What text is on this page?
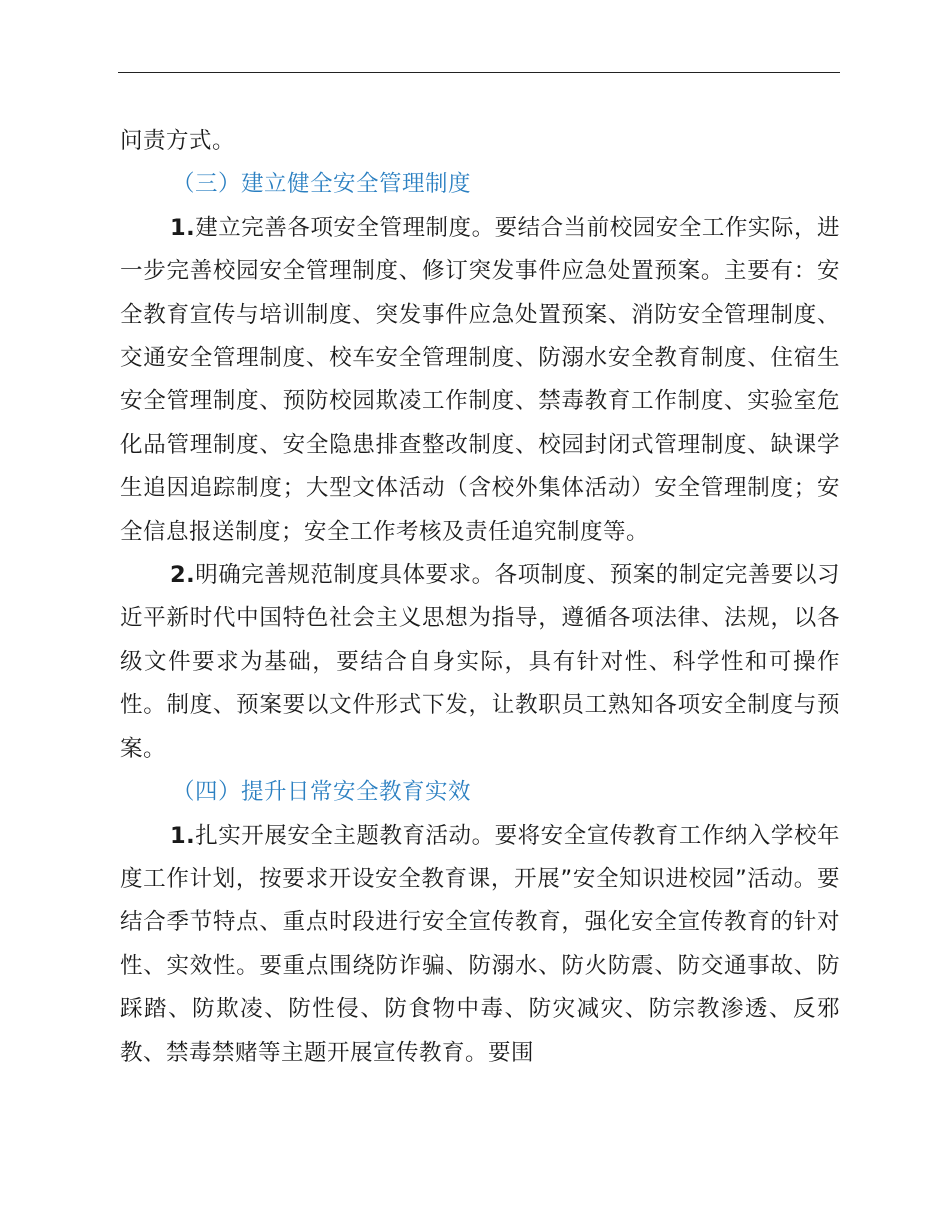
问责方式。

（三）建立健全安全管理制度

1.建立完善各项安全管理制度。要结合当前校园安全工作实际，进一步完善校园安全管理制度、修订突发事件应急处置预案。主要有：安全教育宣传与培训制度、突发事件应急处置预案、消防安全管理制度、交通安全管理制度、校车安全管理制度、防溺水安全教育制度、住宿生安全管理制度、预防校园欺凌工作制度、禁毒教育工作制度、实验室危化品管理制度、安全隐患排查整改制度、校园封闭式管理制度、缺课学生追因追踪制度；大型文体活动（含校外集体活动）安全管理制度；安全信息报送制度；安全工作考核及责任追究制度等。

2.明确完善规范制度具体要求。各项制度、预案的制定完善要以习近平新时代中国特色社会主义思想为指导，遵循各项法律、法规，以各级文件要求为基础，要结合自身实际，具有针对性、科学性和可操作性。制度、预案要以文件形式下发，让教职员工熟知各项安全制度与预案。

（四）提升日常安全教育实效

1.扎实开展安全主题教育活动。要将安全宣传教育工作纳入学校年度工作计划，按要求开设安全教育课，开展”安全知识进校园”活动。要结合季节特点、重点时段进行安全宣传教育，强化安全宣传教育的针对性、实效性。要重点围绕防诈骗、防溺水、防火防震、防交通事故、防踩踏、防欺凌、防性侵、防食物中毒、防灾减灾、防宗教渗透、反邪教、禁毒禁赌等主题开展宣传教育。要围
